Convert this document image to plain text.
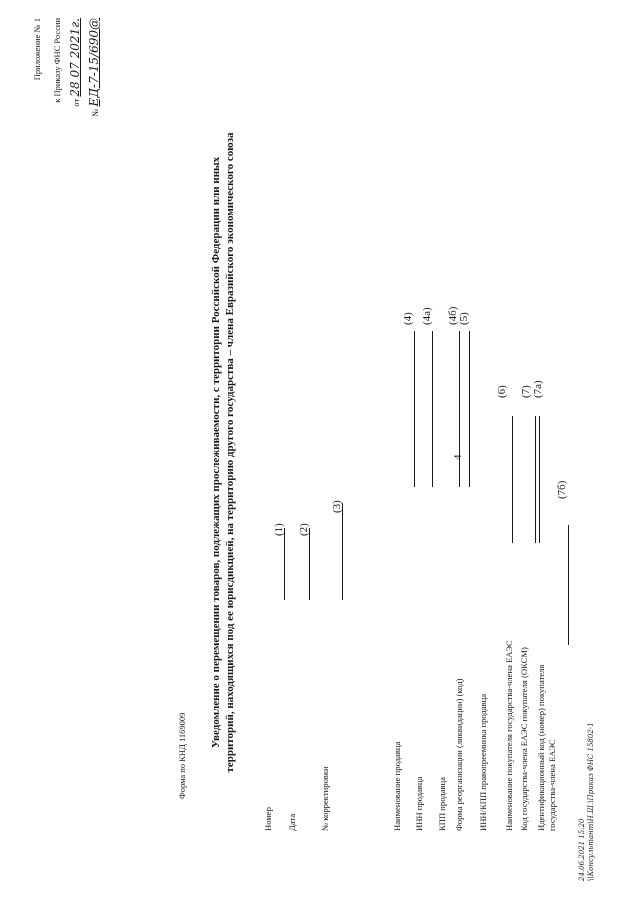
4
Приложение № 1 к Приказу ФНС России от 28 07 2021г.
№ ЕД-7-15/690@
Уведомление о перемещении товаров, подлежащих прослеживаемости, с территории Российской Федерации или иных территорий, находящихся под ее юрисдикцией, на территорию другого государства – члена Евразийского экономического союза
Форма по КНД 1169009
Номер
(1)
Дата
(2)
№ корректировки
(3)
Наименование продавца
(4)
ИНН продавца
(4а)
КПП продавца
(4б)
Форма реорганизации (ликвидации) (код)
(5)
ИНН/КПП правопреемника продавца Наименование покупателя государства-члена ЕАЭС
(6)
Код государства-члена ЕАЭС покупателя (ОКСМ)
(7)
Идентификационный код (номер) покупателя
(7а)
государства-члена ЕАЭС
(7б)
24.06.2021 15:20 \\Консультант\Н.Ш.\Приказ ФНС 15802-1
